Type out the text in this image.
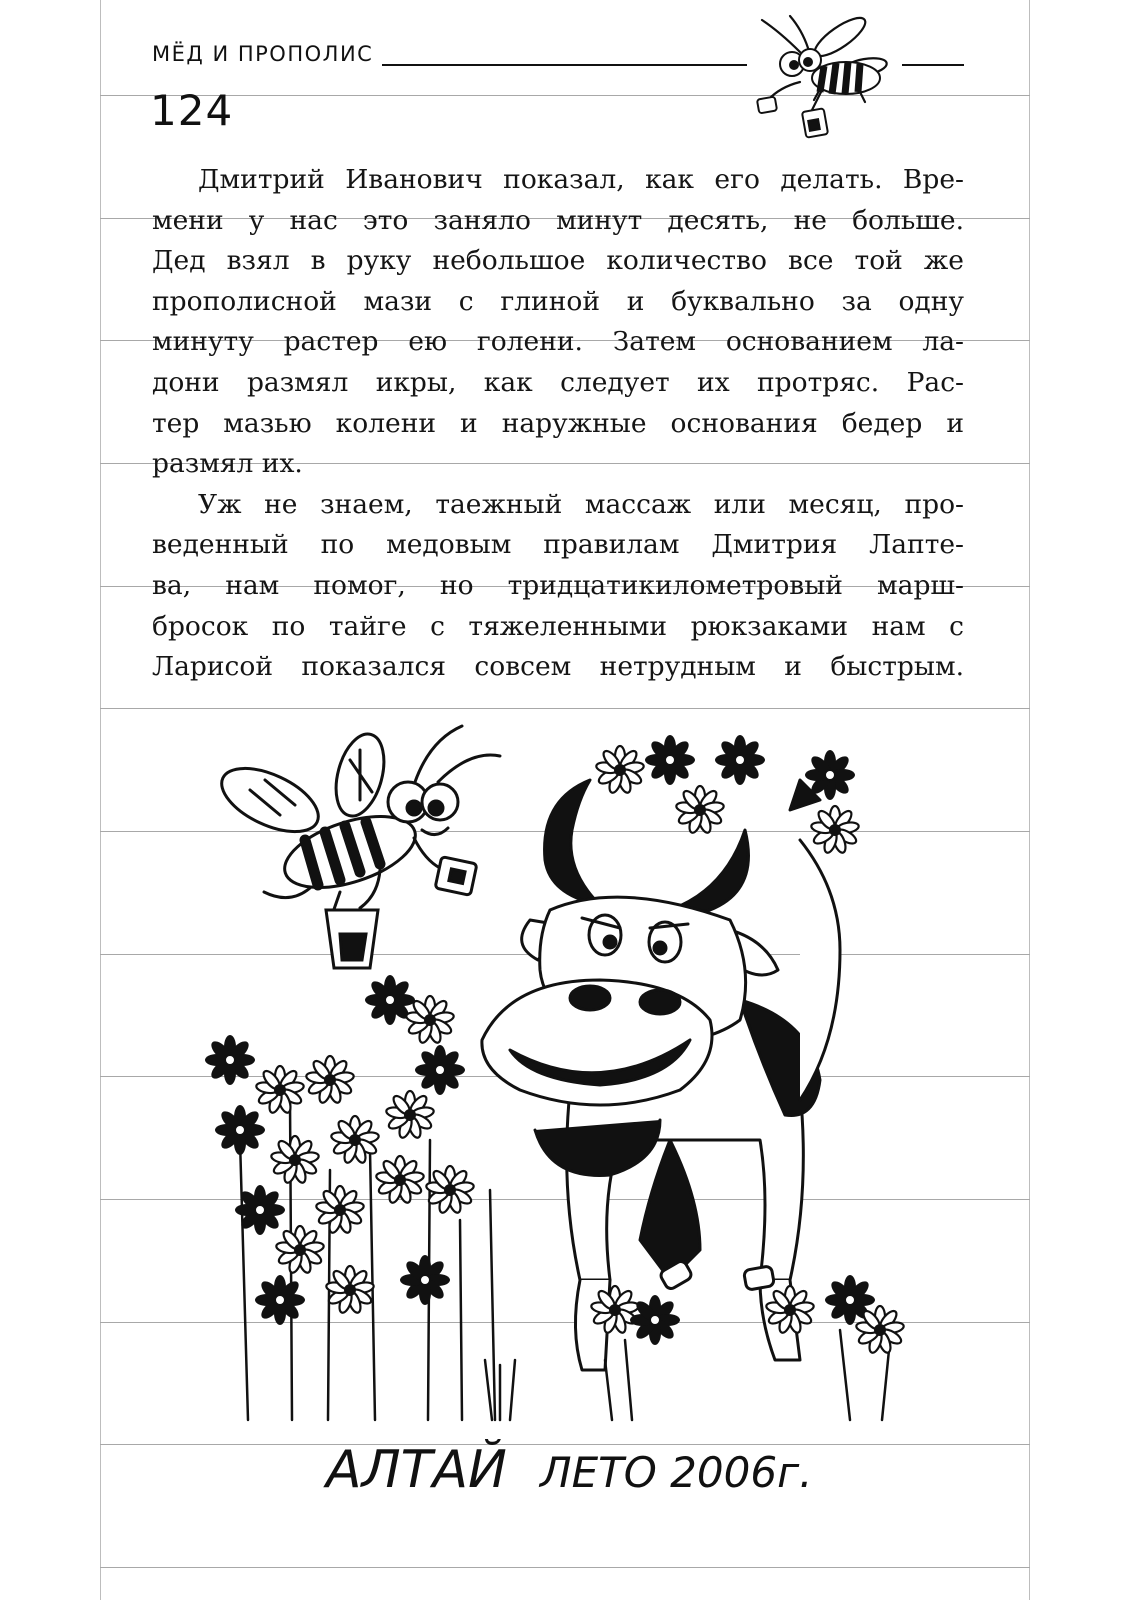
МЁД И ПРОПОЛИС
124

Дмитрий Иванович показал, как его делать. Вре-
мени у нас это заняло минут десять, не больше.
Дед взял в руку небольшое количество все той же
прополисной мази с глиной и буквально за одну
минуту растер ею голени. Затем основанием ла-
дони размял икры, как следует их протряс. Рас-
тер мазью колени и наружные основания бедер и
размял их.

Уж не знаем, таежный массаж или месяц, про-
веденный по медовым правилам Дмитрия Лапте-
ва, нам помог, но тридцатикилометровый марш-
бросок по тайге с тяжеленными рюкзаками нам с
Ларисой показался совсем нетрудным и быстрым.

АЛТАЙ ЛЕТО 2006г.
